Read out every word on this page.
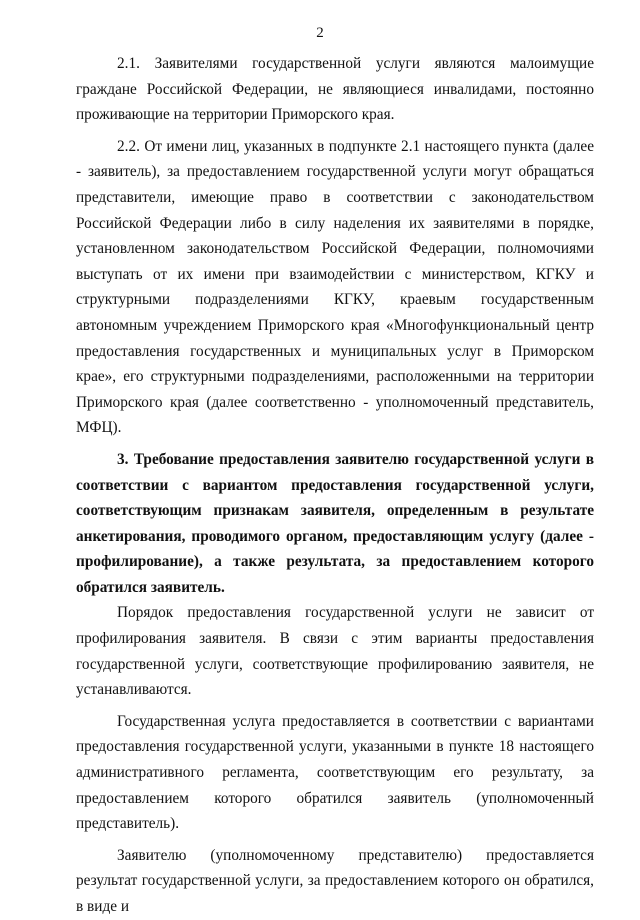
2

2.1. Заявителями государственной услуги являются малоимущие граждане Российской Федерации, не являющиеся инвалидами, постоянно проживающие на территории Приморского края.

2.2. От имени лиц, указанных в подпункте 2.1 настоящего пункта (далее - заявитель), за предоставлением государственной услуги могут обращаться представители, имеющие право в соответствии с законодательством Российской Федерации либо в силу наделения их заявителями в порядке, установленном законодательством Российской Федерации, полномочиями выступать от их имени при взаимодействии с министерством, КГКУ и структурными подразделениями КГКУ, краевым государственным автономным учреждением Приморского края «Многофункциональный центр предоставления государственных и муниципальных услуг в Приморском крае», его структурными подразделениями, расположенными на территории Приморского края (далее соответственно - уполномоченный представитель, МФЦ).

3. Требование предоставления заявителю государственной услуги в соответствии с вариантом предоставления государственной услуги, соответствующим признакам заявителя, определенным в результате анкетирования, проводимого органом, предоставляющим услугу (далее - профилирование), а также результата, за предоставлением которого обратился заявитель.

Порядок предоставления государственной услуги не зависит от профилирования заявителя. В связи с этим варианты предоставления государственной услуги, соответствующие профилированию заявителя, не устанавливаются.

Государственная услуга предоставляется в соответствии с вариантами предоставления государственной услуги, указанными в пункте 18 настоящего административного регламента, соответствующим его результату, за предоставлением которого обратился заявитель (уполномоченный представитель).

Заявителю (уполномоченному представителю) предоставляется результат государственной услуги, за предоставлением которого он обратился, в виде и
